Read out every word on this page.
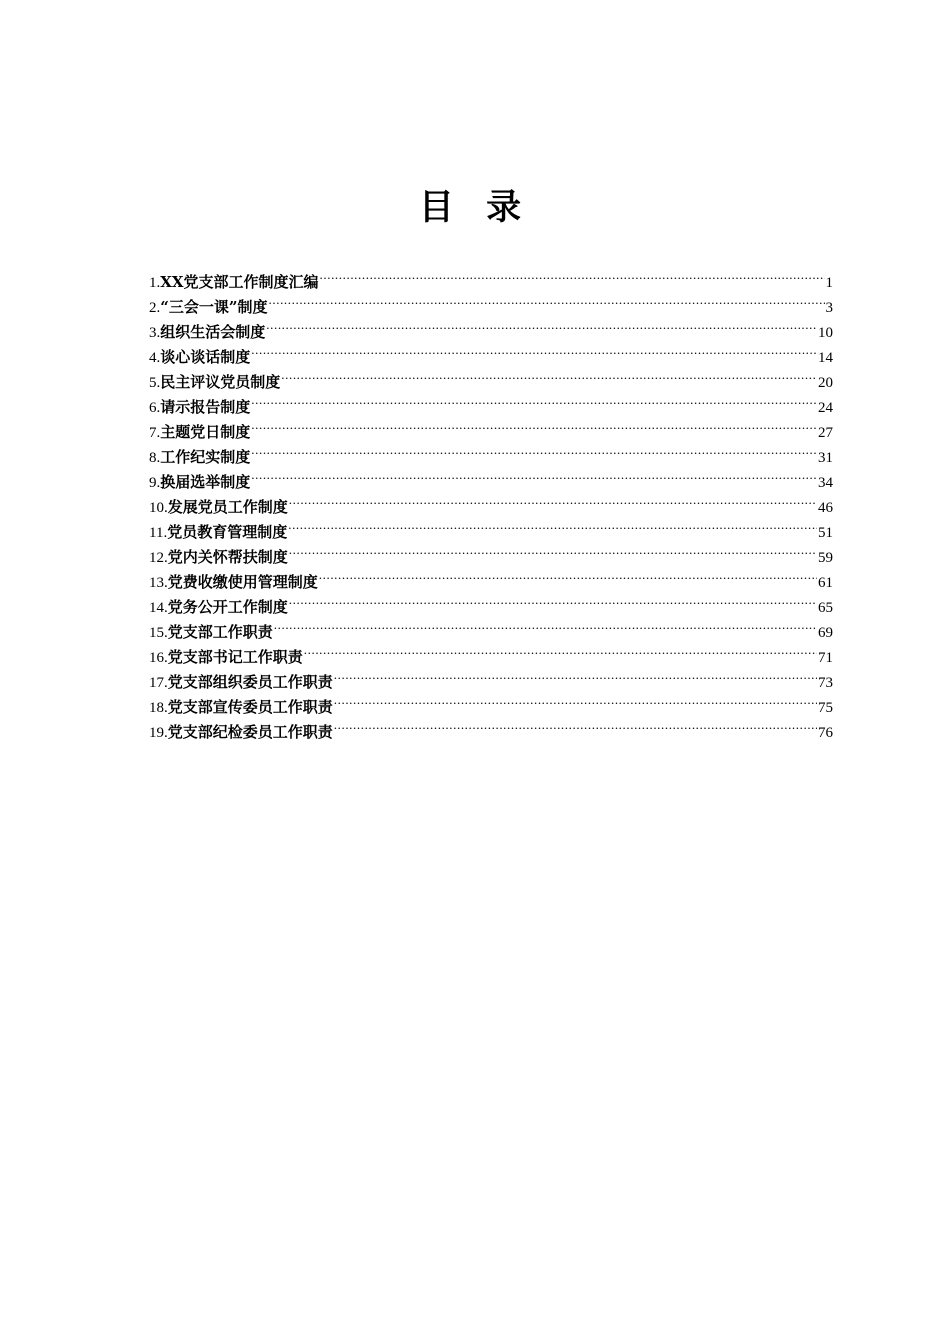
目 录
1. XX党支部工作制度汇编 .....	1
2. “三会一课”制度 .....	3
3. 组织生活会制度 .....	10
4. 谈心谈话制度 .....	14
5. 民主评议党员制度 .....	20
6. 请示报告制度 .....	24
7. 主题党日制度 .....	27
8. 工作纪实制度 .....	31
9. 换届选举制度 .....	34
10. 发展党员工作制度 .....	46
11. 党员教育管理制度 .....	51
12. 党内关怀帮扶制度 .....	59
13. 党费收缴使用管理制度 .....	61
14. 党务公开工作制度 .....	65
15. 党支部工作职责 .....	69
16. 党支部书记工作职责 .....	71
17. 党支部组织委员工作职责 .....	73
18. 党支部宣传委员工作职责 .....	75
19. 党支部纪检委员工作职责 .....	76
